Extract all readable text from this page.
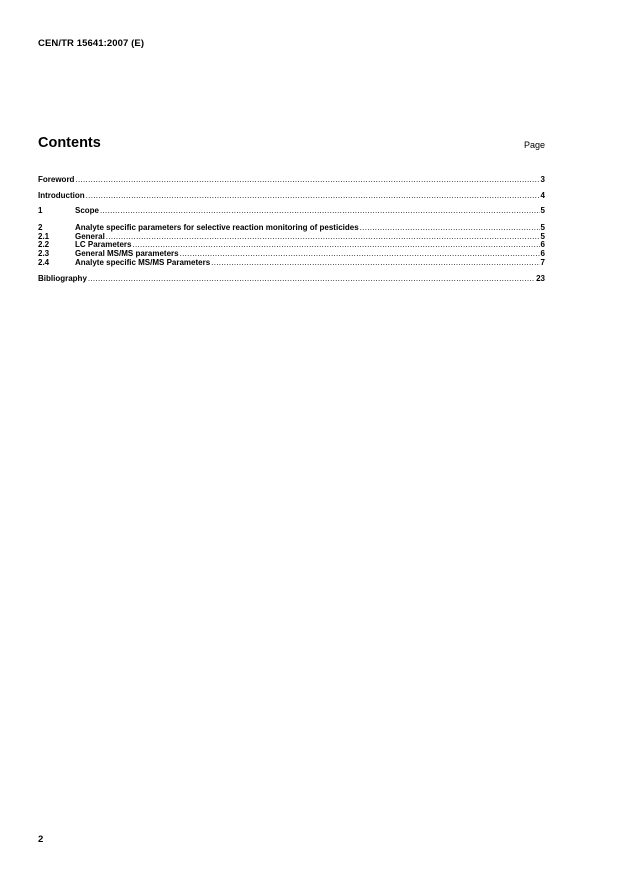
CEN/TR 15641:2007 (E)
Contents	Page
Foreword .....	3
Introduction .....	4
1	Scope .....	5
2	Analyte specific parameters for selective reaction monitoring of pesticides .....	5
2.1	General .....	5
2.2	LC Parameters .....	6
2.3	General MS/MS parameters .....	6
2.4	Analyte specific MS/MS Parameters .....	7
Bibliography .....	23
2
